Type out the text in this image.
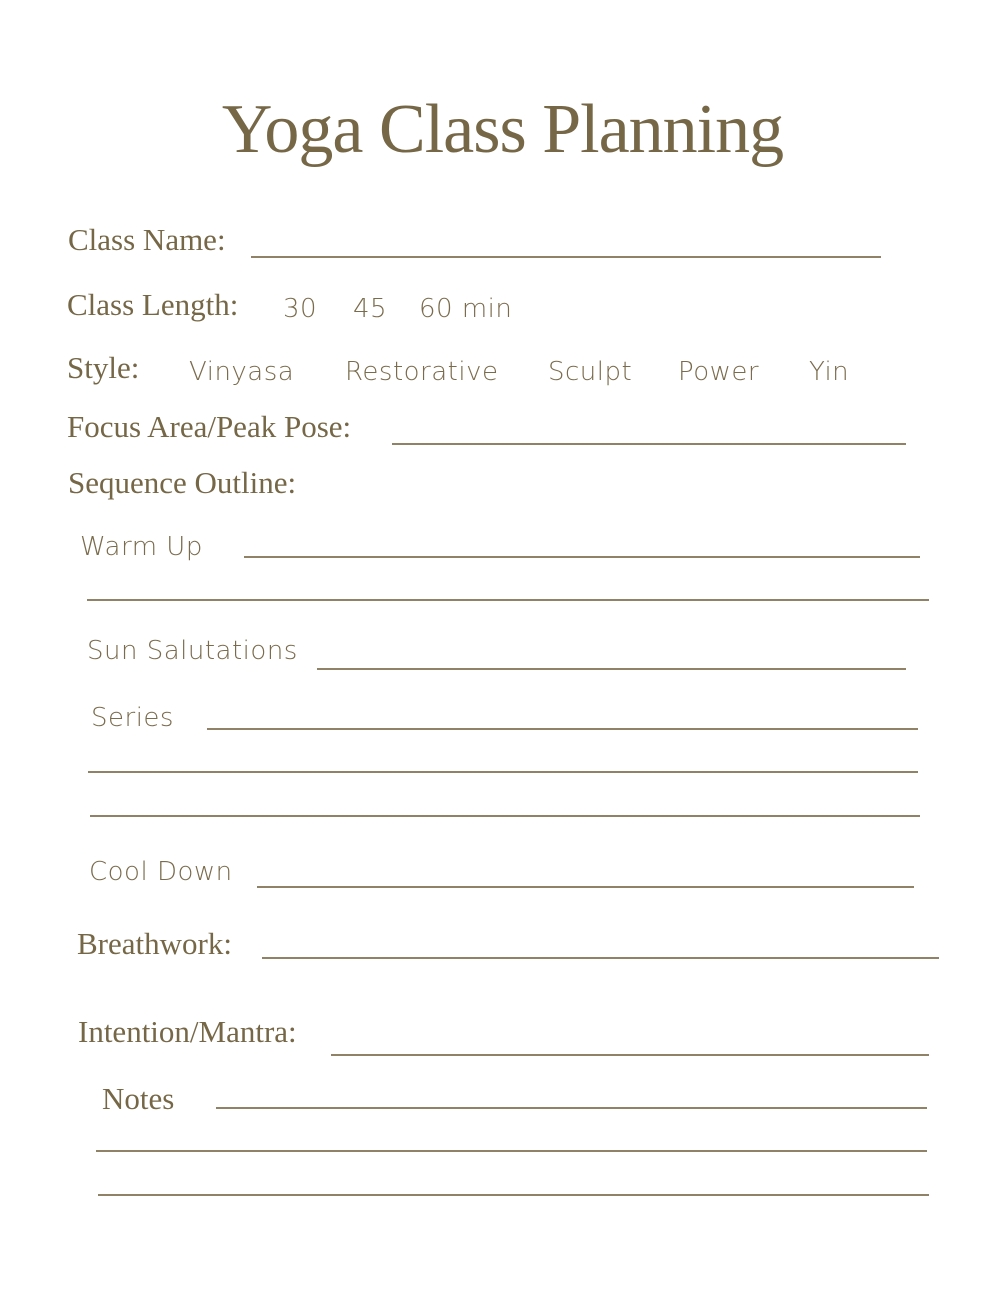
Yoga Class Planning
Class Name:
Class Length: 30 45 60 min
Style: Vinyasa Restorative Sculpt Power Yin
Focus Area/Peak Pose:
Sequence Outline:
Warm Up
Sun Salutations
Series
Cool Down
Breathwork:
Intention/Mantra:
Notes
